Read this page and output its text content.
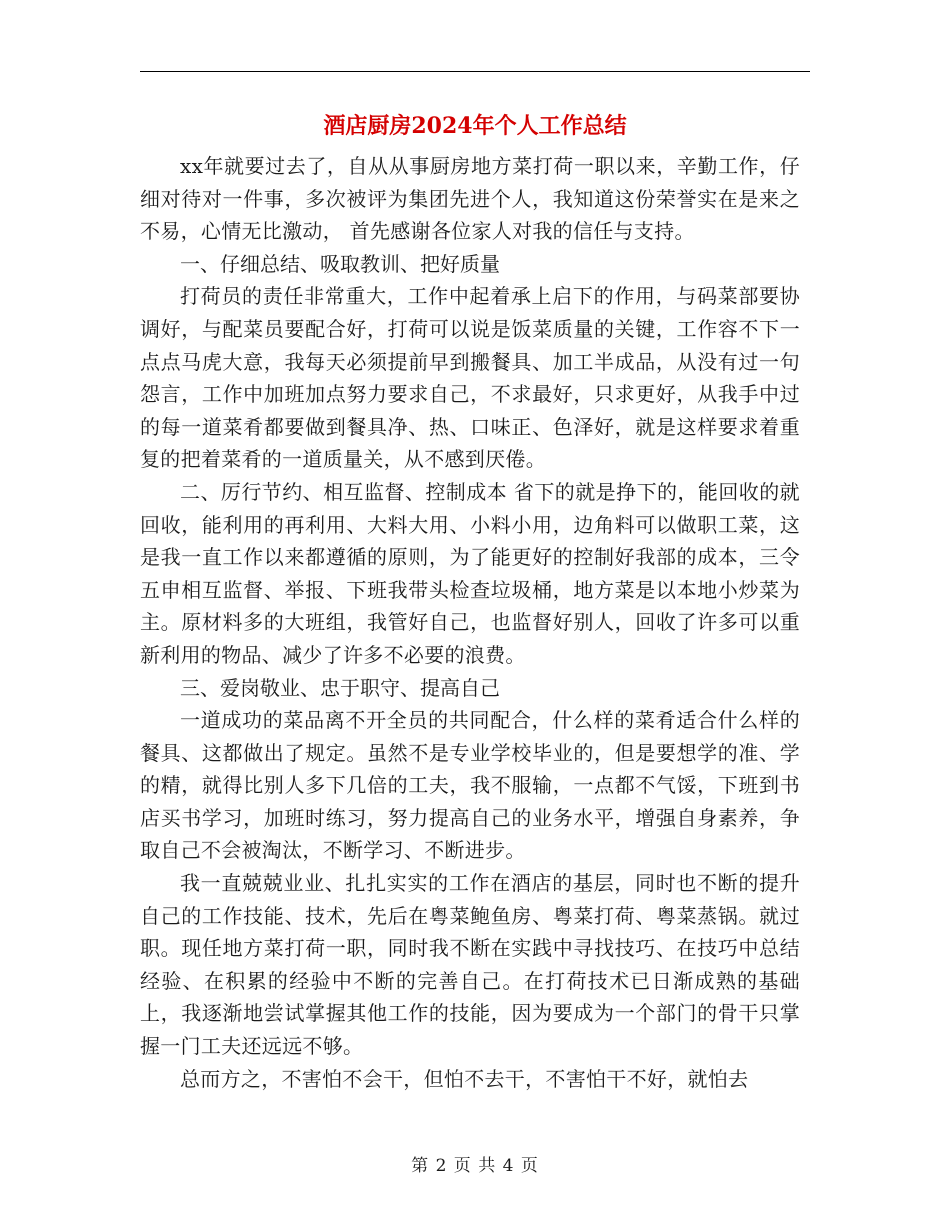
酒店厨房2024年个人工作总结

xx年就要过去了，自从从事厨房地方菜打荷一职以来，辛勤工作，仔细对待对一件事，多次被评为集团先进个人，我知道这份荣誉实在是来之不易，心情无比激动， 首先感谢各位家人对我的信任与支持。

一、仔细总结、吸取教训、把好质量

打荷员的责任非常重大，工作中起着承上启下的作用，与码菜部要协调好，与配菜员要配合好，打荷可以说是饭菜质量的关键，工作容不下一点点马虎大意，我每天必须提前早到搬餐具、加工半成品，从没有过一句怨言，工作中加班加点努力要求自己，不求最好，只求更好，从我手中过的每一道菜肴都要做到餐具净、热、口味正、色泽好，就是这样要求着重复的把着菜肴的一道质量关，从不感到厌倦。

二、厉行节约、相互监督、控制成本 省下的就是挣下的，能回收的就回收，能利用的再利用、大料大用、小料小用，边角料可以做职工菜，这是我一直工作以来都遵循的原则，为了能更好的控制好我部的成本，三令五申相互监督、举报、下班我带头检查垃圾桶，地方菜是以本地小炒菜为主。原材料多的大班组，我管好自己，也监督好别人，回收了许多可以重新利用的物品、减少了许多不必要的浪费。

三、爱岗敬业、忠于职守、提高自己

一道成功的菜品离不开全员的共同配合，什么样的菜肴适合什么样的餐具、这都做出了规定。虽然不是专业学校毕业的，但是要想学的准、学的精，就得比别人多下几倍的工夫，我不服输，一点都不气馁，下班到书店买书学习，加班时练习，努力提高自己的业务水平，增强自身素养，争取自己不会被淘汰，不断学习、不断进步。

我一直兢兢业业、扎扎实实的工作在酒店的基层，同时也不断的提升自己的工作技能、技术，先后在粤菜鲍鱼房、粤菜打荷、粤菜蒸锅。就过职。现任地方菜打荷一职，同时我不断在实践中寻找技巧、在技巧中总结经验、在积累的经验中不断的完善自己。在打荷技术已日渐成熟的基础上，我逐渐地尝试掌握其他工作的技能，因为要成为一个部门的骨干只掌握一门工夫还远远不够。

总而方之，不害怕不会干，但怕不去干，不害怕干不好，就怕去

第 2 页 共 4 页
